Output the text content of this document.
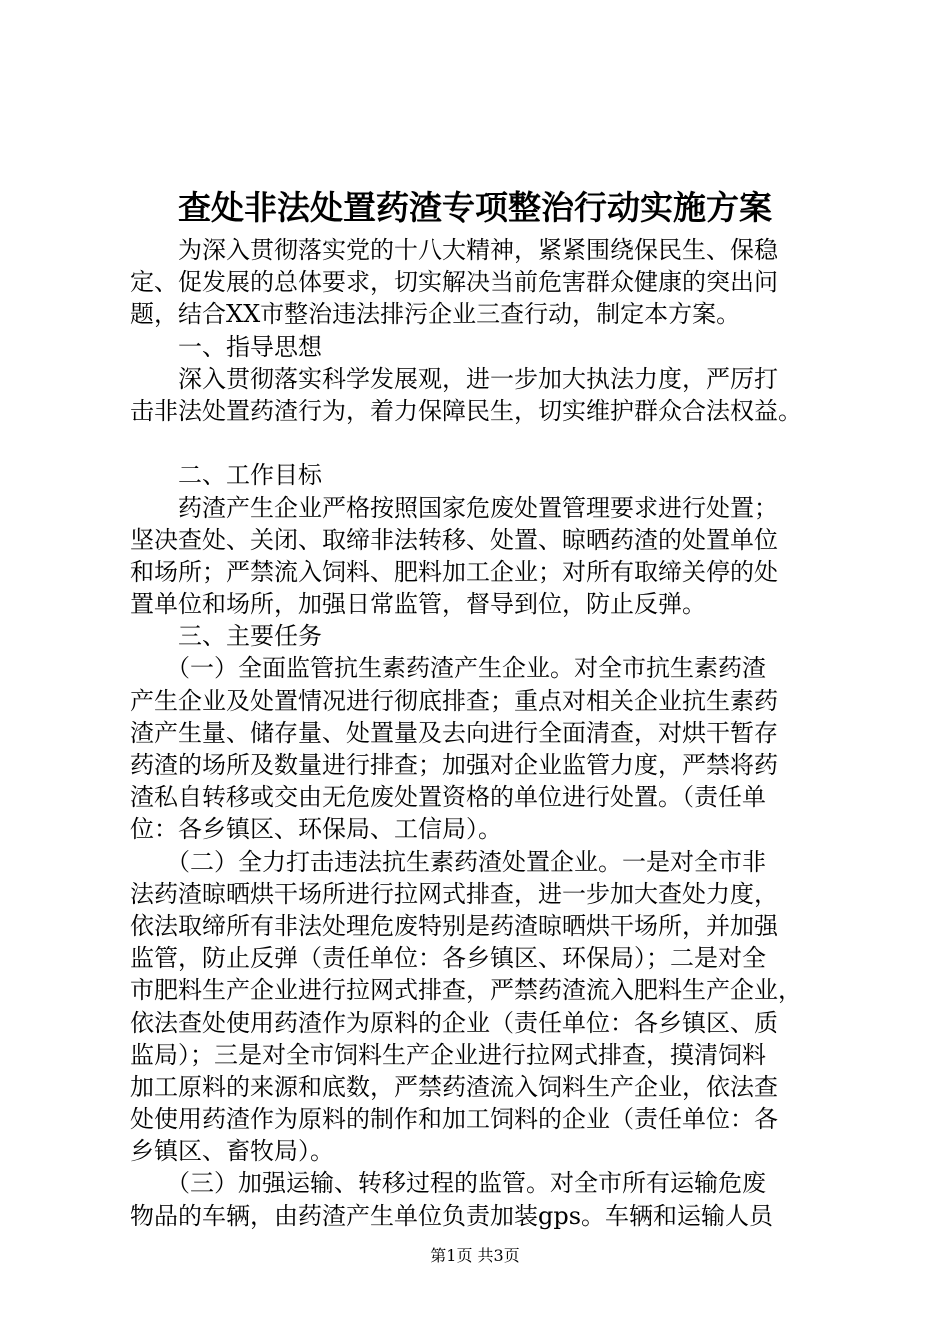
查处非法处置药渣专项整治行动实施方案
　　为深入贯彻落实党的十八大精神，紧紧围绕保民生、保稳
定、促发展的总体要求，切实解决当前危害群众健康的突出问
题，结合XX市整治违法排污企业三查行动，制定本方案。
　　一、指导思想
　　深入贯彻落实科学发展观，进一步加大执法力度，严厉打
击非法处置药渣行为，着力保障民生，切实维护群众合法权益。
　　二、工作目标
　　药渣产生企业严格按照国家危废处置管理要求进行处置；
坚决查处、关闭、取缔非法转移、处置、晾晒药渣的处置单位
和场所；严禁流入饲料、肥料加工企业；对所有取缔关停的处
置单位和场所，加强日常监管，督导到位，防止反弹。
　　三、主要任务
　　（一）全面监管抗生素药渣产生企业。对全市抗生素药渣
产生企业及处置情况进行彻底排查；重点对相关企业抗生素药
渣产生量、储存量、处置量及去向进行全面清查，对烘干暂存
药渣的场所及数量进行排查；加强对企业监管力度，严禁将药
渣私自转移或交由无危废处置资格的单位进行处置。（责任单
位：各乡镇区、环保局、工信局）。
　　（二）全力打击违法抗生素药渣处置企业。一是对全市非
法药渣晾晒烘干场所进行拉网式排查，进一步加大查处力度，
依法取缔所有非法处理危废特别是药渣晾晒烘干场所，并加强
监管，防止反弹（责任单位：各乡镇区、环保局）；二是对全
市肥料生产企业进行拉网式排查，严禁药渣流入肥料生产企业，
依法查处使用药渣作为原料的企业（责任单位：各乡镇区、质
监局）；三是对全市饲料生产企业进行拉网式排查，摸清饲料
加工原料的来源和底数，严禁药渣流入饲料生产企业，依法查
处使用药渣作为原料的制作和加工饲料的企业（责任单位：各
乡镇区、畜牧局）。
　　（三）加强运输、转移过程的监管。对全市所有运输危废
物品的车辆，由药渣产生单位负责加装gps。车辆和运输人员
第1页 共3页
